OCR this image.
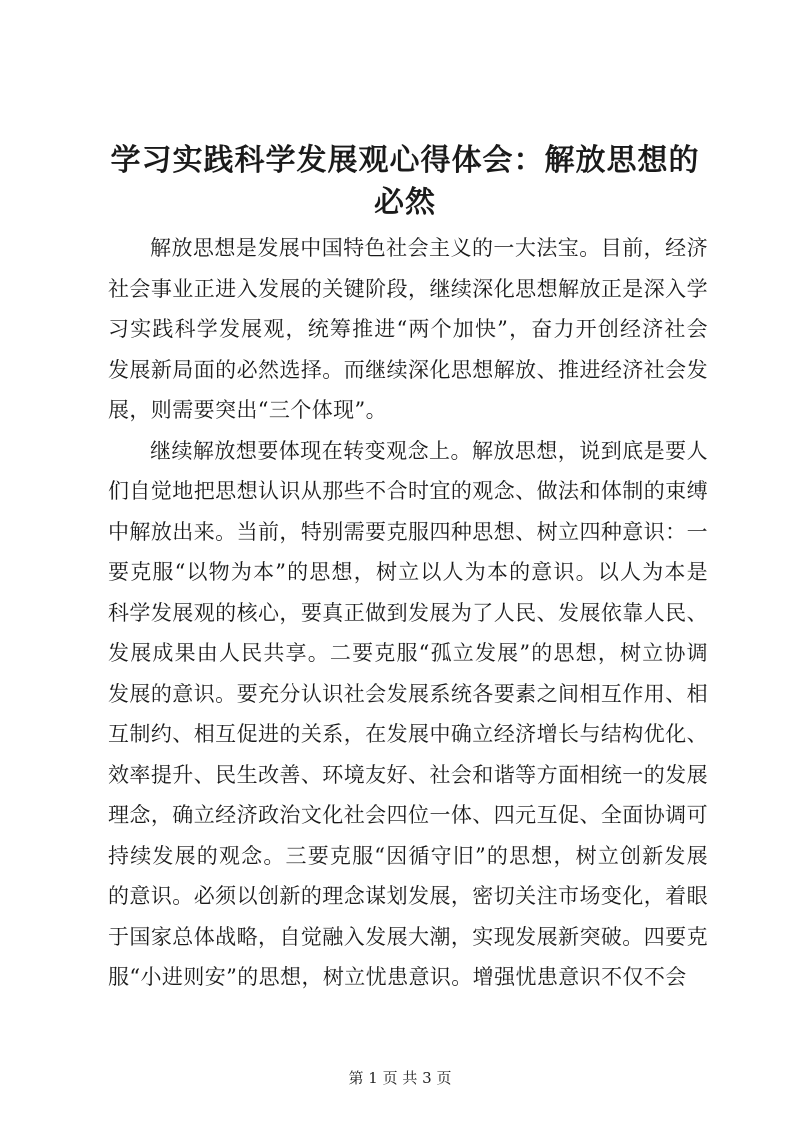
学习实践科学发展观心得体会：解放思想的必然

解放思想是发展中国特色社会主义的一大法宝。目前，经济社会事业正进入发展的关键阶段，继续深化思想解放正是深入学习实践科学发展观，统筹推进“两个加快”，奋力开创经济社会发展新局面的必然选择。而继续深化思想解放、推进经济社会发展，则需要突出“三个体现”。

继续解放想要体现在转变观念上。解放思想，说到底是要人们自觉地把思想认识从那些不合时宜的观念、做法和体制的束缚中解放出来。当前，特别需要克服四种思想、树立四种意识：一要克服“以物为本”的思想，树立以人为本的意识。以人为本是科学发展观的核心，要真正做到发展为了人民、发展依靠人民、发展成果由人民共享。二要克服“孤立发展”的思想，树立协调发展的意识。要充分认识社会发展系统各要素之间相互作用、相互制约、相互促进的关系，在发展中确立经济增长与结构优化、效率提升、民生改善、环境友好、社会和谐等方面相统一的发展理念，确立经济政治文化社会四位一体、四元互促、全面协调可持续发展的观念。三要克服“因循守旧”的思想，树立创新发展的意识。必须以创新的理念谋划发展，密切关注市场变化，着眼于国家总体战略，自觉融入发展大潮，实现发展新突破。四要克服“小进则安”的思想，树立忧患意识。增强忧患意识不仅不会

第 1 页 共 3 页
